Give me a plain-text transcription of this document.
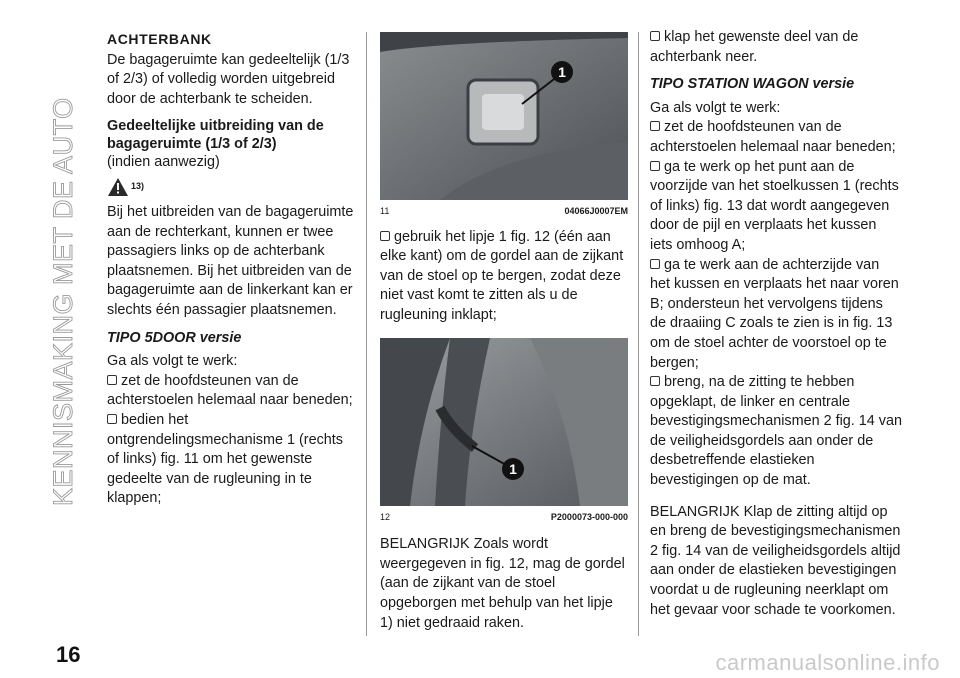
KENNISMAKING MET DE AUTO
16	carmanualsonline.info
ACHTERBANK

De bagageruimte kan gedeeltelijk (1/3 of 2/3) of volledig worden uitgebreid door de achterbank te scheiden.

Gedeeltelijke uitbreiding van de bagageruimte (1/3 of 2/3)
(indien aanwezig)
13)

Bij het uitbreiden van de bagageruimte aan de rechterkant, kunnen er twee passagiers links op de achterbank plaatsnemen. Bij het uitbreiden van de bagageruimte aan de linkerkant kan er slechts één passagier plaatsnemen.

TIPO 5DOOR versie
Ga als volgt te werk:
zet de hoofdsteunen van de achterstoelen helemaal naar beneden;
bedien het ontgrendelingsmechanisme 1 (rechts of links) fig. 11 om het gewenste gedeelte van de rugleuning in te klappen;
1
11	04066J0007EM
gebruik het lipje 1 fig. 12 (één aan elke kant) om de gordel aan de zijkant van de stoel op te bergen, zodat deze niet vast komt te zitten als u de rugleuning inklapt;
1
12	P2000073-000-000

BELANGRIJK Zoals wordt weergegeven in fig. 12, mag de gordel (aan de zijkant van de stoel opgeborgen met behulp van het lipje 1) niet gedraaid raken.

klap het gewenste deel van de achterbank neer.
TIPO STATION WAGON versie
Ga als volgt te werk:
zet de hoofdsteunen van de achterstoelen helemaal naar beneden;
ga te werk op het punt aan de voorzijde van het stoelkussen 1 (rechts of links) fig. 13 dat wordt aangegeven door de pijl en verplaats het kussen iets omhoog A;
ga te werk aan de achterzijde van het kussen en verplaats het naar voren B; ondersteun het vervolgens tijdens de draaiing C zoals te zien is in fig. 13 om de stoel achter de voorstoel op te bergen;
breng, na de zitting te hebben opgeklapt, de linker en centrale bevestigingsmechanismen 2 fig. 14 van de veiligheidsgordels aan onder de desbetreffende elastieken bevestigingen op de mat.

BELANGRIJK Klap de zitting altijd op en breng de bevestigingsmechanismen 2 fig. 14 van de veiligheidsgordels altijd aan onder de elastieken bevestigingen voordat u de rugleuning neerklapt om het gevaar voor schade te voorkomen.
